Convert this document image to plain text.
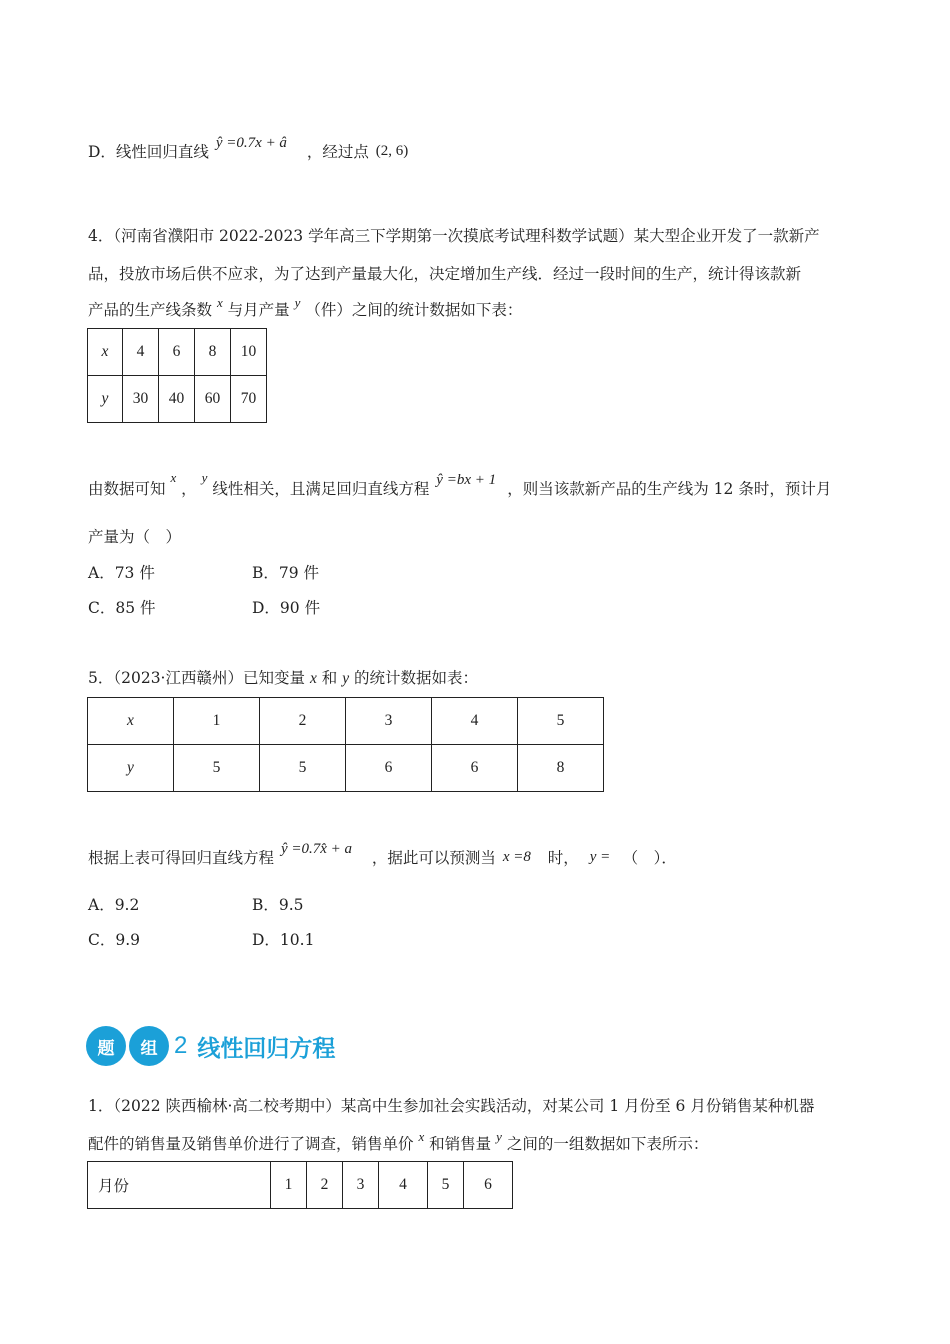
D．线性回归直线 ŷ =0.7x + â ，经过点 (2, 6)
4．（河南省濮阳市 2022-2023 学年高三下学期第一次摸底考试理科数学试题）某大型企业开发了一款新产
品，投放市场后供不应求，为了达到产量最大化，决定增加生产线．经过一段时间的生产，统计得该款新
产品的生产线条数 $^x$ 与月产量 $^y$ （件）之间的统计数据如下表：
x	4	6	8	10
y	30	40	60	70
由数据可知 $^x$ ， $^y$ 线性相关，且满足回归直线方程 ŷ =bx + 1 ，则当该款新产品的生产线为 12 条时，预计月
产量为（　）
A．73 件	B．79 件
C．85 件	D．90 件
5．（2023·江西赣州）已知变量 x 和 y 的统计数据如表：
x	1	2	3	4	5
y	5	5	6	6	8
根据上表可得回归直线方程 ŷ =0.7x̂ + a ，据此可以预测当 x =8 时， y = （　）．
A．9.2	B．9.5
C．9.9	D．10.1
题	组 2 线性回归方程
1．（2022 陕西榆林·高二校考期中）某高中生参加社会实践活动，对某公司 1 月份至 6 月份销售某种机器
配件的销售量及销售单价进行了调查，销售单价 $^x$ 和销售量 $^y$ 之间的一组数据如下表所示：
月份	1	2	3	4	5	6
